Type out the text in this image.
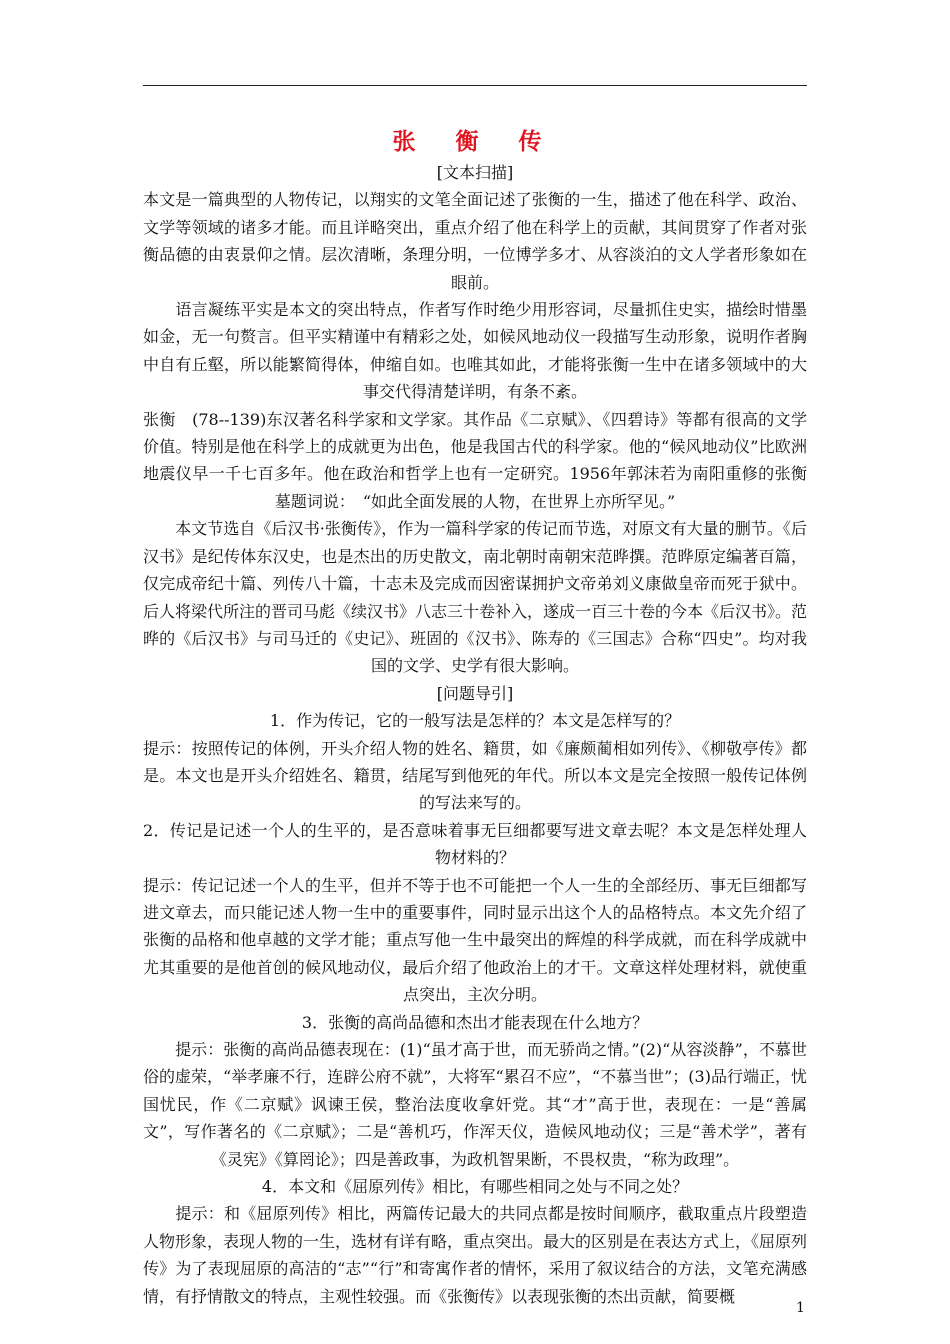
张 衡 传

[文本扫描]

本文是一篇典型的人物传记，以翔实的文笔全面记述了张衡的一生，描述了他在科学、政治、文学等领域的诸多才能。而且详略突出，重点介绍了他在科学上的贡献，其间贯穿了作者对张衡品德的由衷景仰之情。层次清晰，条理分明，一位博学多才、从容淡泊的文人学者形象如在眼前。

　　语言凝练平实是本文的突出特点，作者写作时绝少用形容词，尽量抓住史实，描绘时惜墨如金，无一句赘言。但平实精谨中有精彩之处，如候风地动仪一段描写生动形象，说明作者胸中自有丘壑，所以能繁简得体，伸缩自如。也唯其如此，才能将张衡一生中在诸多领域中的大事交代得清楚详明，有条不紊。

张衡　(78--139)东汉著名科学家和文学家。其作品《二京赋》、《四碧诗》等都有很高的文学价值。特别是他在科学上的成就更为出色，他是我国古代的科学家。他的“候风地动仪”比欧洲地震仪早一千七百多年。他在政治和哲学上也有一定研究。1956年郭沫若为南阳重修的张衡墓题词说：　“如此全面发展的人物，在世界上亦所罕见。”

　　本文节选自《后汉书·张衡传》，作为一篇科学家的传记而节选，对原文有大量的删节。《后汉书》是纪传体东汉史，也是杰出的历史散文，南北朝时南朝宋范晔撰。范晔原定编著百篇，仅完成帝纪十篇、列传八十篇，十志未及完成而因密谋拥护文帝弟刘义康做皇帝而死于狱中。后人将梁代所注的晋司马彪《续汉书》八志三十卷补入，遂成一百三十卷的今本《后汉书》。范晔的《后汉书》与司马迁的《史记》、班固的《汉书》、陈寿的《三国志》合称“四史”。均对我国的文学、史学有很大影响。

[问题导引]

1．作为传记，它的一般写法是怎样的？本文是怎样写的？

提示：按照传记的体例，开头介绍人物的姓名、籍贯，如《廉颇蔺相如列传》、《柳敬亭传》都是。本文也是开头介绍姓名、籍贯，结尾写到他死的年代。所以本文是完全按照一般传记体例的写法来写的。

2．传记是记述一个人的生平的，是否意味着事无巨细都要写进文章去呢？本文是怎样处理人物材料的？

提示：传记记述一个人的生平，但并不等于也不可能把一个人一生的全部经历、事无巨细都写进文章去，而只能记述人物一生中的重要事件，同时显示出这个人的品格特点。本文先介绍了张衡的品格和他卓越的文学才能；重点写他一生中最突出的辉煌的科学成就，而在科学成就中尤其重要的是他首创的候风地动仪，最后介绍了他政治上的才干。文章这样处理材料，就使重点突出，主次分明。

3．张衡的高尚品德和杰出才能表现在什么地方？

　　提示：张衡的高尚品德表现在：(1)“虽才高于世，而无骄尚之情。”(2)“从容淡静”，不慕世俗的虚荣，“举孝廉不行，连辟公府不就”，大将军“累召不应”，“不慕当世”；(3)品行端正，忧国忧民，作《二京赋》讽谏王侯，整治法度收拿奸党。其“才”高于世，表现在：一是“善属文”，写作著名的《二京赋》；二是“善机巧，作浑天仪，造候风地动仪；三是“善术学”，著有《灵宪》《算罔论》；四是善政事，为政机智果断，不畏权贵，“称为政理”。

4．本文和《屈原列传》相比，有哪些相同之处与不同之处？

　　提示：和《屈原列传》相比，两篇传记最大的共同点都是按时间顺序，截取重点片段塑造人物形象，表现人物的一生，选材有详有略，重点突出。最大的区别是在表达方式上，《屈原列传》为了表现屈原的高洁的“志”“行”和寄寓作者的情怀，采用了叙议结合的方法，文笔充满感情，有抒情散文的特点，主观性较强。而《张衡传》以表现张衡的杰出贡献，简要概

1
